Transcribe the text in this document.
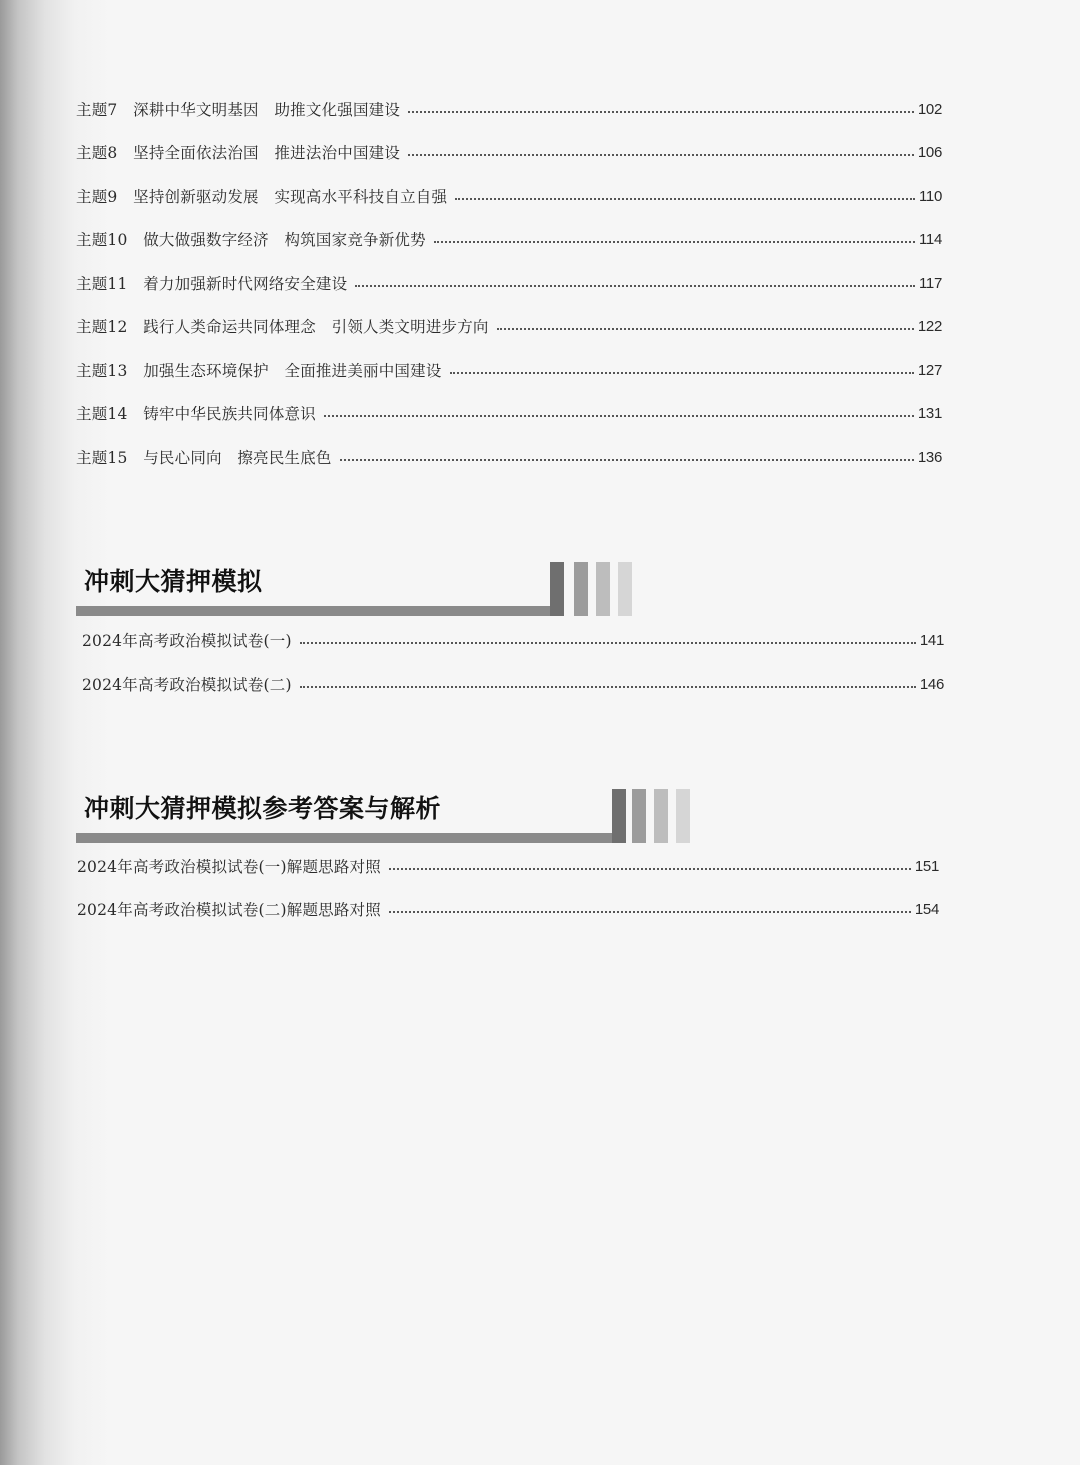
主题7　深耕中华文明基因　助推文化强国建设	102
主题8　坚持全面依法治国　推进法治中国建设	106
主题9　坚持创新驱动发展　实现高水平科技自立自强	110
主题10　做大做强数字经济　构筑国家竞争新优势	114
主题11　着力加强新时代网络安全建设	117
主题12　践行人类命运共同体理念　引领人类文明进步方向	122
主题13　加强生态环境保护　全面推进美丽中国建设	127
主题14　铸牢中华民族共同体意识	131
主题15　与民心同向　擦亮民生底色	136
冲刺大猜押模拟
2024年高考政治模拟试卷(一)	141
2024年高考政治模拟试卷(二)	146
冲刺大猜押模拟参考答案与解析
2024年高考政治模拟试卷(一)解题思路对照	151
2024年高考政治模拟试卷(二)解题思路对照	154
